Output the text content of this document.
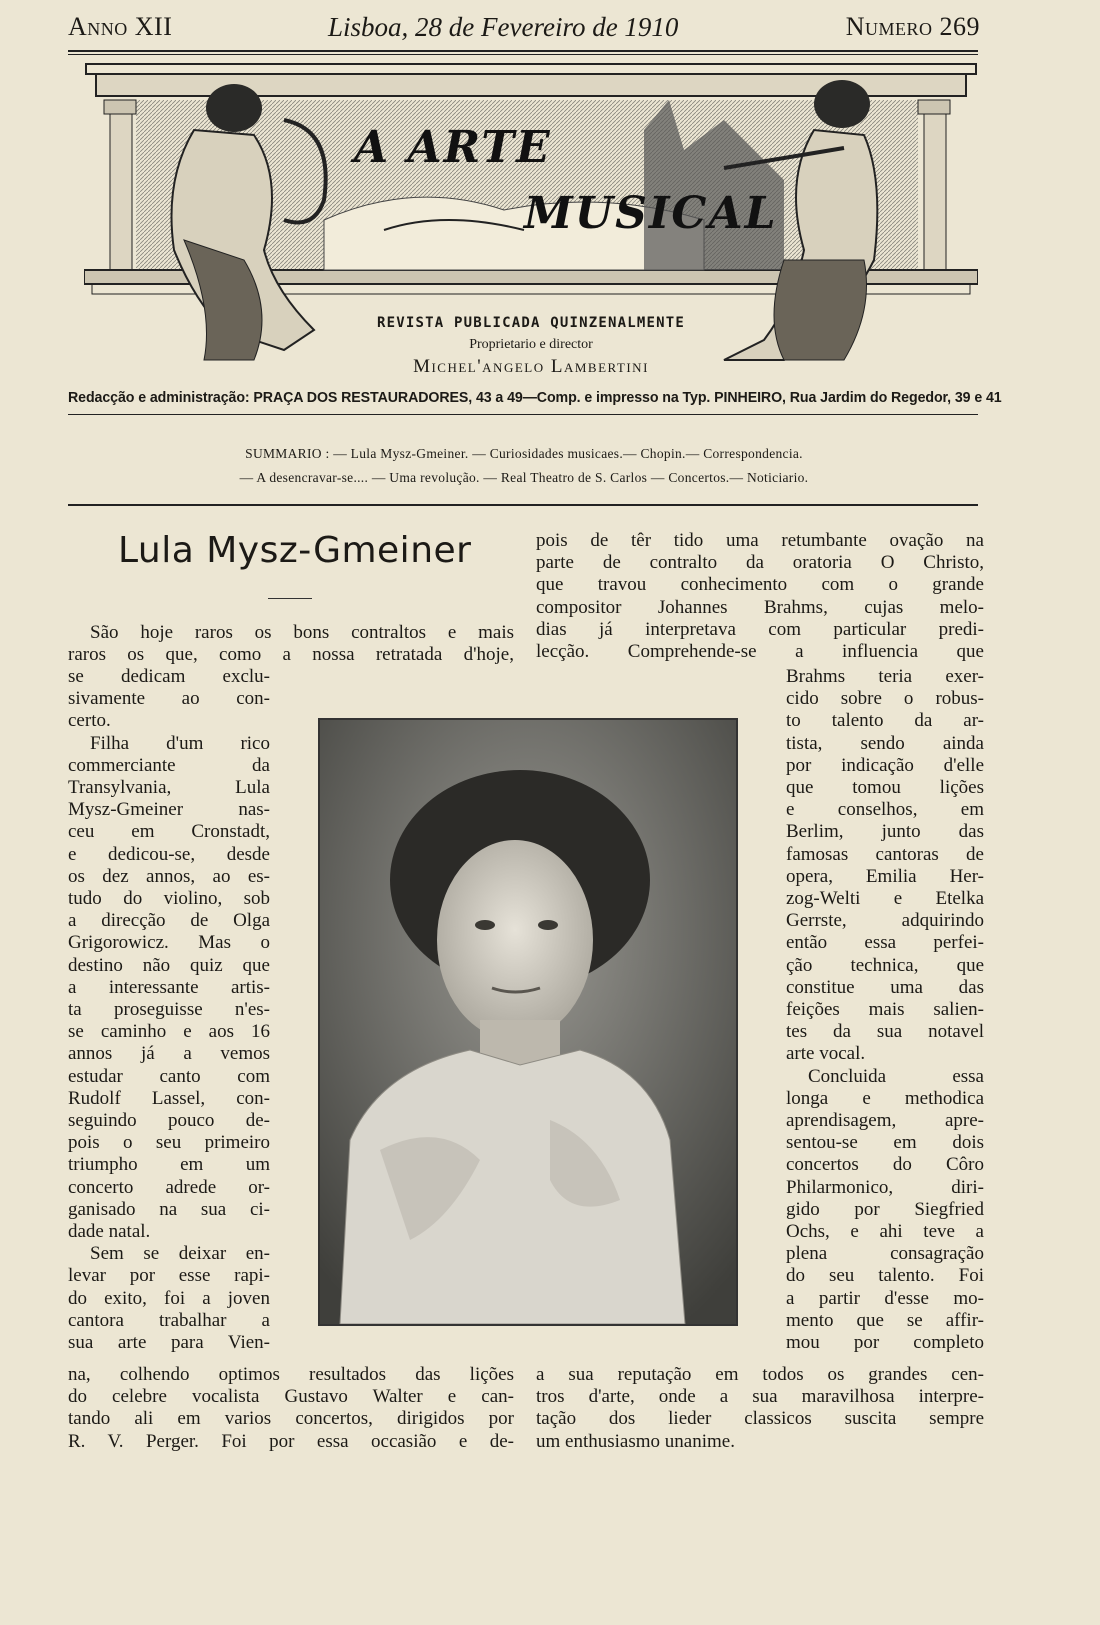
Anno XII	Lisboa, 28 de Fevereiro de 1910	Numero 269
A ARTE
MUSICAL
REVISTA PUBLICADA QUINZENALMENTE
Proprietario e director
Michel'angelo Lambertini
Redacção e administração: PRAÇA DOS RESTAURADORES, 43 a 49—Comp. e impresso na Typ. PINHEIRO, Rua Jardim do Regedor, 39 e 41
SUMMARIO : — Lula Mysz-Gmeiner. — Curiosidades musicaes.— Chopin.— Correspondencia.
— A desencravar-se.... — Uma revolução. — Real Theatro de S. Carlos — Concertos.— Noticiario.
Lula Mysz-Gmeiner
São hoje raros os bons contraltos e mais
raros os que, como a nossa retratada d'hoje,
se dedicam exclu-
sivamente ao con-
certo.
Filha d'um rico
commerciante da
Transylvania, Lula
Mysz-Gmeiner nas-
ceu em Cronstadt,
e dedicou-se, desde
os dez annos, ao es-
tudo do violino, sob
a direcção de Olga
Grigorowicz. Mas o
destino não quiz que
a interessante artis-
ta proseguisse n'es-
se caminho e aos 16
annos já a vemos
estudar canto com
Rudolf Lassel, con-
seguindo pouco de-
pois o seu primeiro
triumpho em um
concerto adrede or-
ganisado na sua ci-
dade natal.
Sem se deixar en-
levar por esse rapi-
do exito, foi a joven
cantora trabalhar a
sua arte para Vien-
na, colhendo optimos resultados das lições
do celebre vocalista Gustavo Walter e can-
tando ali em varios concertos, dirigidos por
R. V. Perger. Foi por essa occasião e de-
pois de têr tido uma retumbante ovação na
parte de contralto da oratoria O Christo,
que travou conhecimento com o grande
compositor Johannes Brahms, cujas melo-
dias já interpretava com particular predi-
lecção. Comprehende-se a influencia que
Brahms teria exer-
cido sobre o robus-
to talento da ar-
tista, sendo ainda
por indicação d'elle
que tomou lições
e conselhos, em
Berlim, junto das
famosas cantoras de
opera, Emilia Her-
zog-Welti e Etelka
Gerrste, adquirindo
então essa perfei-
ção technica, que
constitue uma das
feições mais salien-
tes da sua notavel
arte vocal.
Concluida essa
longa e methodica
aprendisagem, apre-
sentou-se em dois
concertos do Côro
Philarmonico, diri-
gido por Siegfried
Ochs, e ahi teve a
plena consagração
do seu talento. Foi
a partir d'esse mo-
mento que se affir-
mou por completo
a sua reputação em todos os grandes cen-
tros d'arte, onde a sua maravilhosa interpre-
tação dos lieder classicos suscita sempre
um enthusiasmo unanime.
